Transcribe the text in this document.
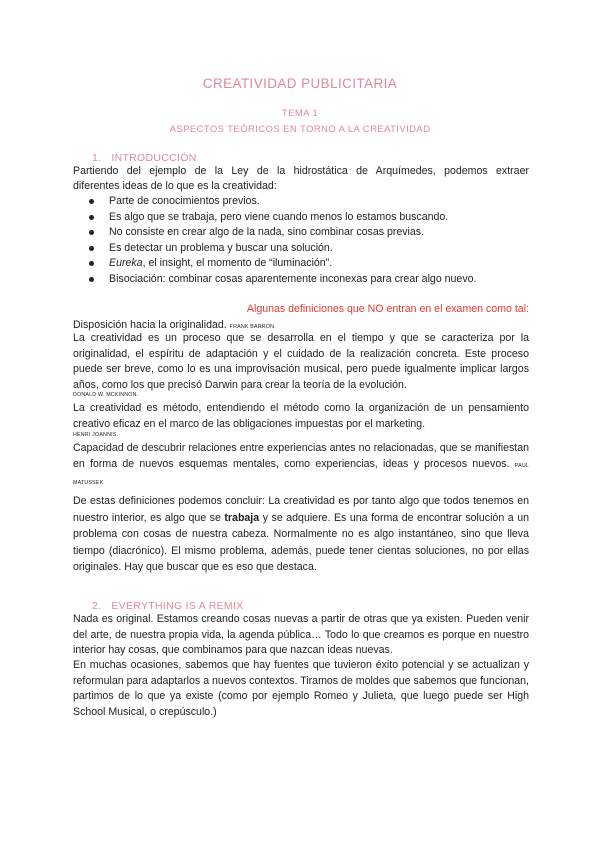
CREATIVIDAD PUBLICITARIA
TEMA 1
ASPECTOS TEÓRICOS EN TORNO A LA CREATIVIDAD
1. INTRODUCCIÓN
Partiendo del ejemplo de la Ley de la hidrostática de Arquímedes, podemos extraer
diferentes ideas de lo que es la creatividad:
Parte de conocimientos previos.
Es algo que se trabaja, pero viene cuando menos lo estamos buscando.
No consiste en crear algo de la nada, sino combinar cosas previas.
Es detectar un problema y buscar una solución.
Eureka, el insight, el momento de “iluminación”.
Bisociación: combinar cosas aparentemente inconexas para crear algo nuevo.
Algunas definiciones que NO entran en el examen como tal:
Disposición hacia la originalidad. FRANK BARRON.
La creatividad es un proceso que se desarrolla en el tiempo y que se caracteriza por la originalidad, el espíritu de adaptación y el cuidado de la realización concreta. Este proceso puede ser breve, como lo es una improvisación musical, pero puede igualmente implicar largos años, como los que precisó Darwin para crear la teoría de la evolución.
DONALD W. MCKINNON.
La creatividad es método, entendiendo el método como la organización de un pensamiento creativo eficaz en el marco de las obligaciones impuestas por el marketing.
HENRI JOANNIS.
Capacidad de descubrir relaciones entre experiencias antes no relacionadas, que se manifiestan en forma de nuevos esquemas mentales, como experiencias, ideas y procesos nuevos. PAUL MATUSSEK
De estas definiciones podemos concluir: La creatividad es por tanto algo que todos tenemos en nuestro interior, es algo que se trabaja y se adquiere. Es una forma de encontrar solución a un problema con cosas de nuestra cabeza. Normalmente no es algo instantáneo, sino que lleva tiempo (diacrónico). El mismo problema, además, puede tener cientas soluciones, no por ellas originales. Hay que buscar que es eso que destaca.
2. EVERYTHING IS A REMIX
Nada es original. Estamos creando cosas nuevas a partir de otras que ya existen. Pueden venir del arte, de nuestra propia vida, la agenda pública… Todo lo que creamos es porque en nuestro interior hay cosas, que combinamos para que nazcan ideas nuevas.
En muchas ocasiones, sabemos que hay fuentes que tuvieron éxito potencial y se actualizan y reformulan para adaptarlos a nuevos contextos. Tiramos de moldes que sabemos que funcionan, partimos de lo que ya existe (como por ejemplo Romeo y Julieta, que luego puede ser High School Musical, o crepúsculo.)
